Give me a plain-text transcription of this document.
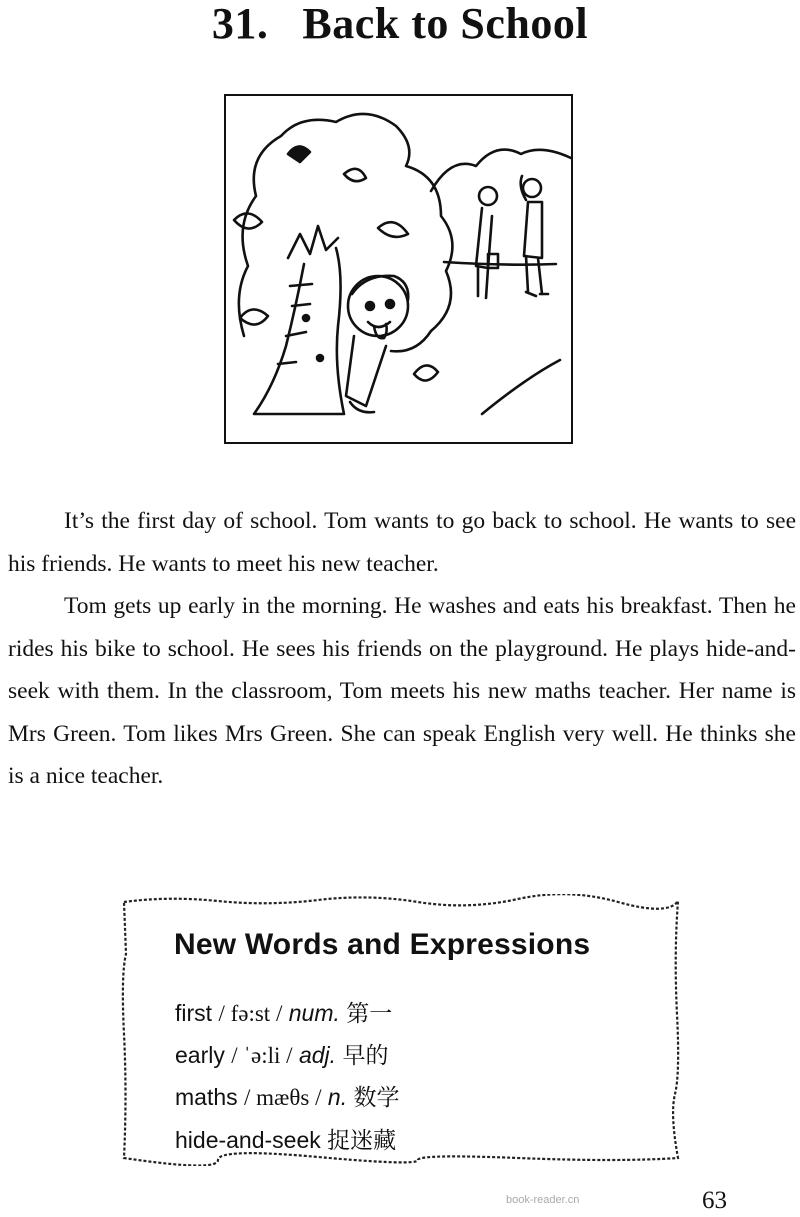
31. Back to School

It’s the first day of school. Tom wants to go back to school. He wants to see his friends. He wants to meet his new teacher.

Tom gets up early in the morning. He washes and eats his breakfast. Then he rides his bike to school. He sees his friends on the playground. He plays hide-and-seek with them. In the classroom, Tom meets his new maths teacher. Her name is Mrs Green. Tom likes Mrs Green. She can speak English very well. He thinks she is a nice teacher.

New Words and Expressions
first / fə:st / num. 第一
early / ˈə:li / adj. 早的
maths / mæθs / n. 数学
hide-and-seek 捉迷藏
book-reader.cn	63
